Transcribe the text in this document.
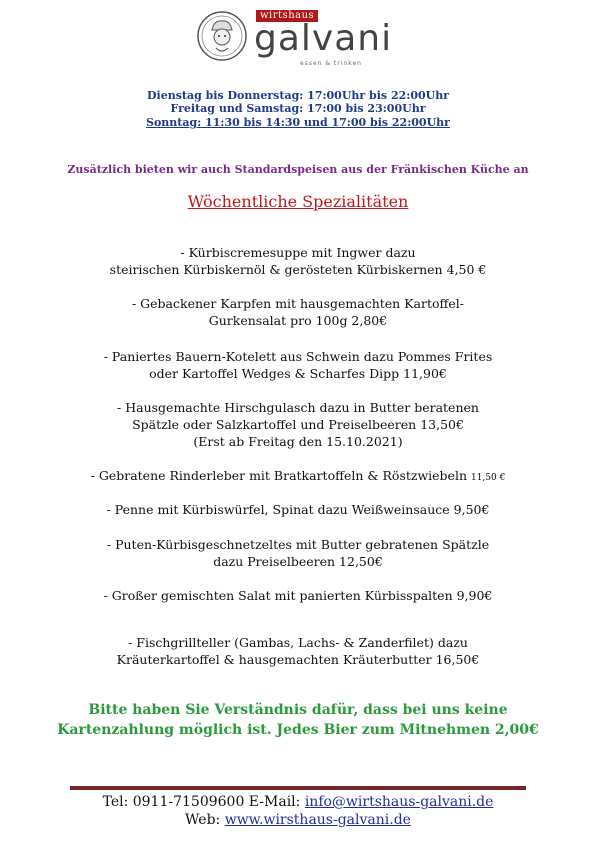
wirtshaus
galvani
essen & trinken
Dienstag bis Donnerstag: 17:00Uhr bis 22:00Uhr
Freitag und Samstag: 17:00 bis 23:00Uhr
Sonntag: 11:30 bis 14:30 und 17:00 bis 22:00Uhr
Zusätzlich bieten wir auch Standardspeisen aus der Fränkischen Küche an
Wöchentliche Spezialitäten
- Kürbiscremesuppe mit Ingwer dazu
steirischen Kürbiskernöl & gerösteten Kürbiskernen 4,50 €
- Gebackener Karpfen mit hausgemachten Kartoffel-
Gurkensalat pro 100g 2,80€
- Paniertes Bauern-Kotelett aus Schwein dazu Pommes Frites
oder Kartoffel Wedges & Scharfes Dipp 11,90€
- Hausgemachte Hirschgulasch dazu in Butter beratenen
Spätzle oder Salzkartoffel und Preiselbeeren 13,50€
(Erst ab Freitag den 15.10.2021)
- Gebratene Rinderleber mit Bratkartoffeln & Röstzwiebeln 11,50 €
- Penne mit Kürbiswürfel, Spinat dazu Weißweinsauce 9,50€
- Puten-Kürbisgeschnetzeltes mit Butter gebratenen Spätzle
dazu Preiselbeeren 12,50€
- Großer gemischten Salat mit panierten Kürbisspalten 9,90€
- Fischgrillteller (Gambas, Lachs- & Zanderfilet) dazu
Kräuterkartoffel & hausgemachten Kräuterbutter 16,50€
Bitte haben Sie Verständnis dafür, dass bei uns keine
Kartenzahlung möglich ist. Jedes Bier zum Mitnehmen 2,00€
Tel: 0911-71509600 E-Mail: info@wirtshaus-galvani.de
Web: www.wirsthaus-galvani.de
